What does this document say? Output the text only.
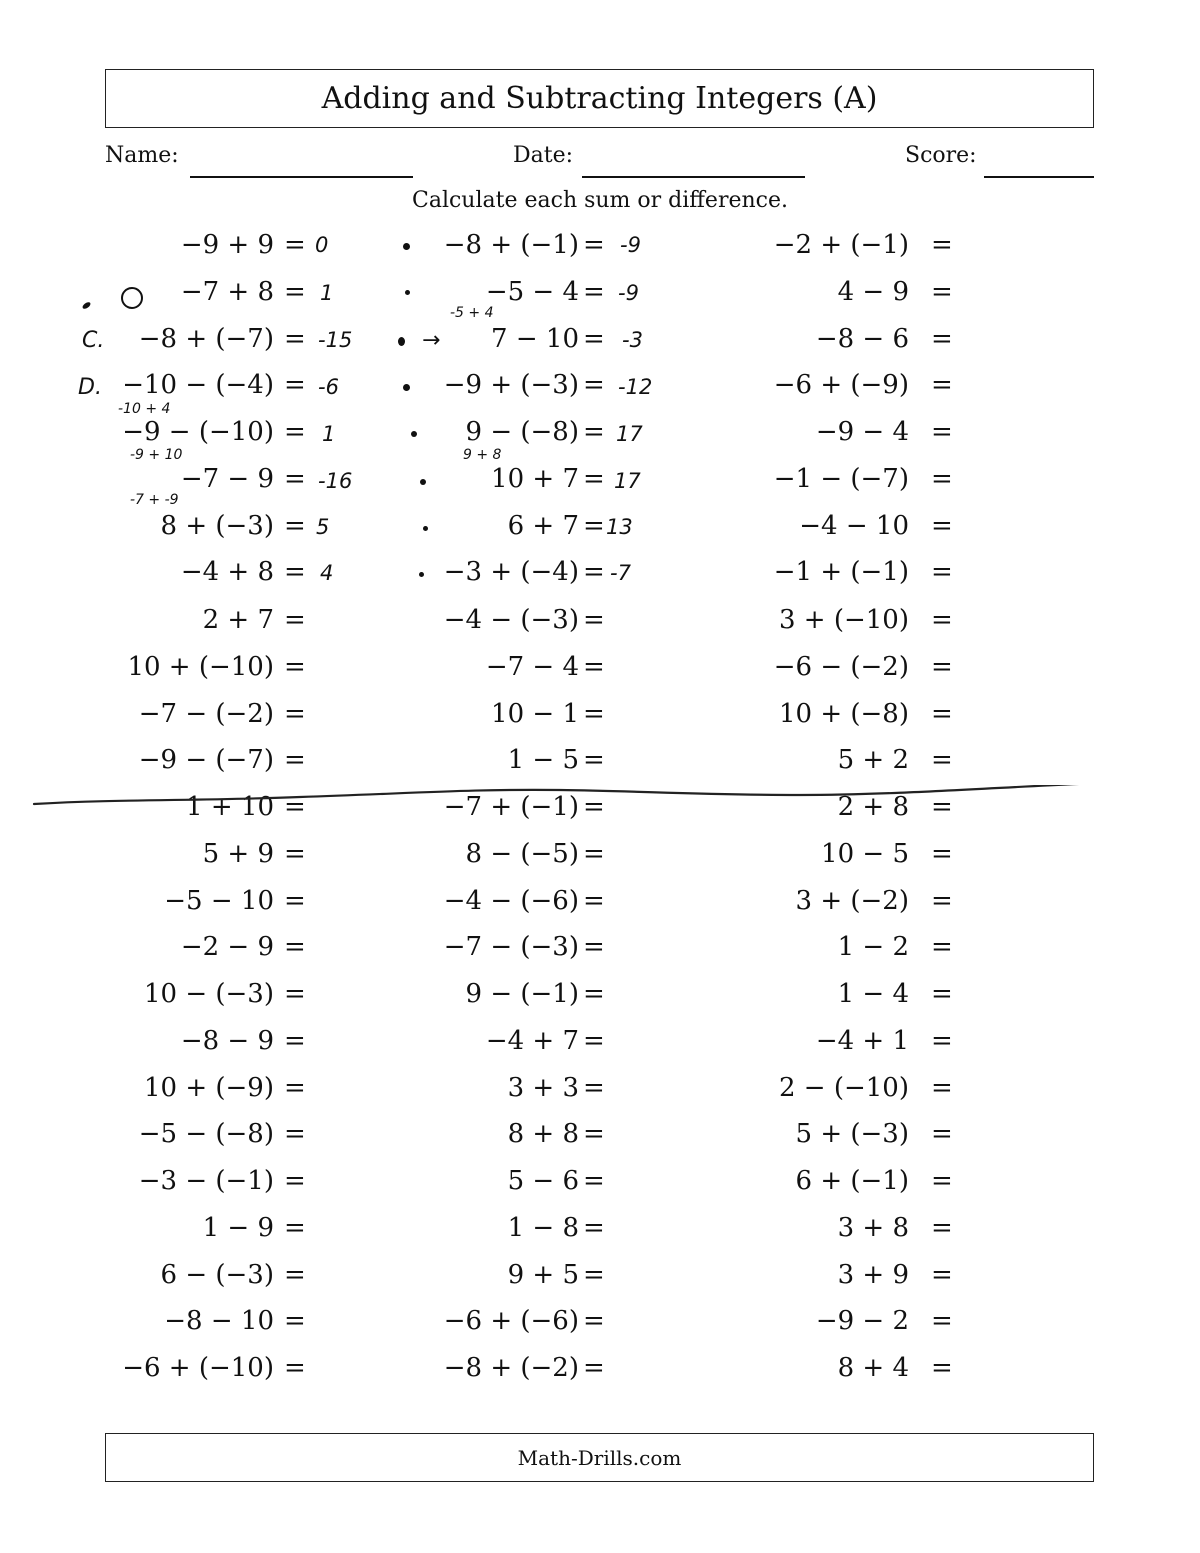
Adding and Subtracting Integers (A)
Name:	Date:	Score:
Calculate each sum or difference.
−9 + 9 =
−7 + 8 =
−8 + (−7) =
−10 − (−4) =
−9 − (−10) =
−7 − 9 =
8 + (−3) =
−4 + 8 =
2 + 7 =
10 + (−10) =
−7 − (−2) =
−9 − (−7) =
1 + 10 =
5 + 9 =
−5 − 10 =
−2 − 9 =
10 − (−3) =
−8 − 9 =
10 + (−9) =
−5 − (−8) =
−3 − (−1) =
1 − 9 =
6 − (−3) =
−8 − 10 =
−6 + (−10) =
−8 + (−1) =
−5 − 4 =
7 − 10 =
−9 + (−3) =
9 − (−8) =
10 + 7 =
6 + 7 =
−3 + (−4) =
−4 − (−3) =
−7 − 4 =
10 − 1 =
1 − 5 =
−7 + (−1) =
8 − (−5) =
−4 − (−6) =
−7 − (−3) =
9 − (−1) =
−4 + 7 =
3 + 3 =
8 + 8 =
5 − 6 =
1 − 8 =
9 + 5 =
−6 + (−6) =
−8 + (−2) =
−2 + (−1) =
4 − 9 =
−8 − 6 =
−6 + (−9) =
−9 − 4 =
−1 − (−7) =
−4 − 10 =
−1 + (−1) =
3 + (−10) =
−6 − (−2) =
10 + (−8) =
5 + 2 =
2 + 8 =
10 − 5 =
3 + (−2) =
1 − 2 =
1 − 4 =
−4 + 1 =
2 − (−10) =
5 + (−3) =
6 + (−1) =
3 + 8 =
3 + 9 =
−9 − 2 =
8 + 4 =
0
1
-15
-6
1
-16
5
4
-9
-9
-3
-12
17
17
13
-7
-5 + 4
-10 + 4
-9 + 10	9 + 8
-7 + -9
C.
D.
→
Math-Drills.com
